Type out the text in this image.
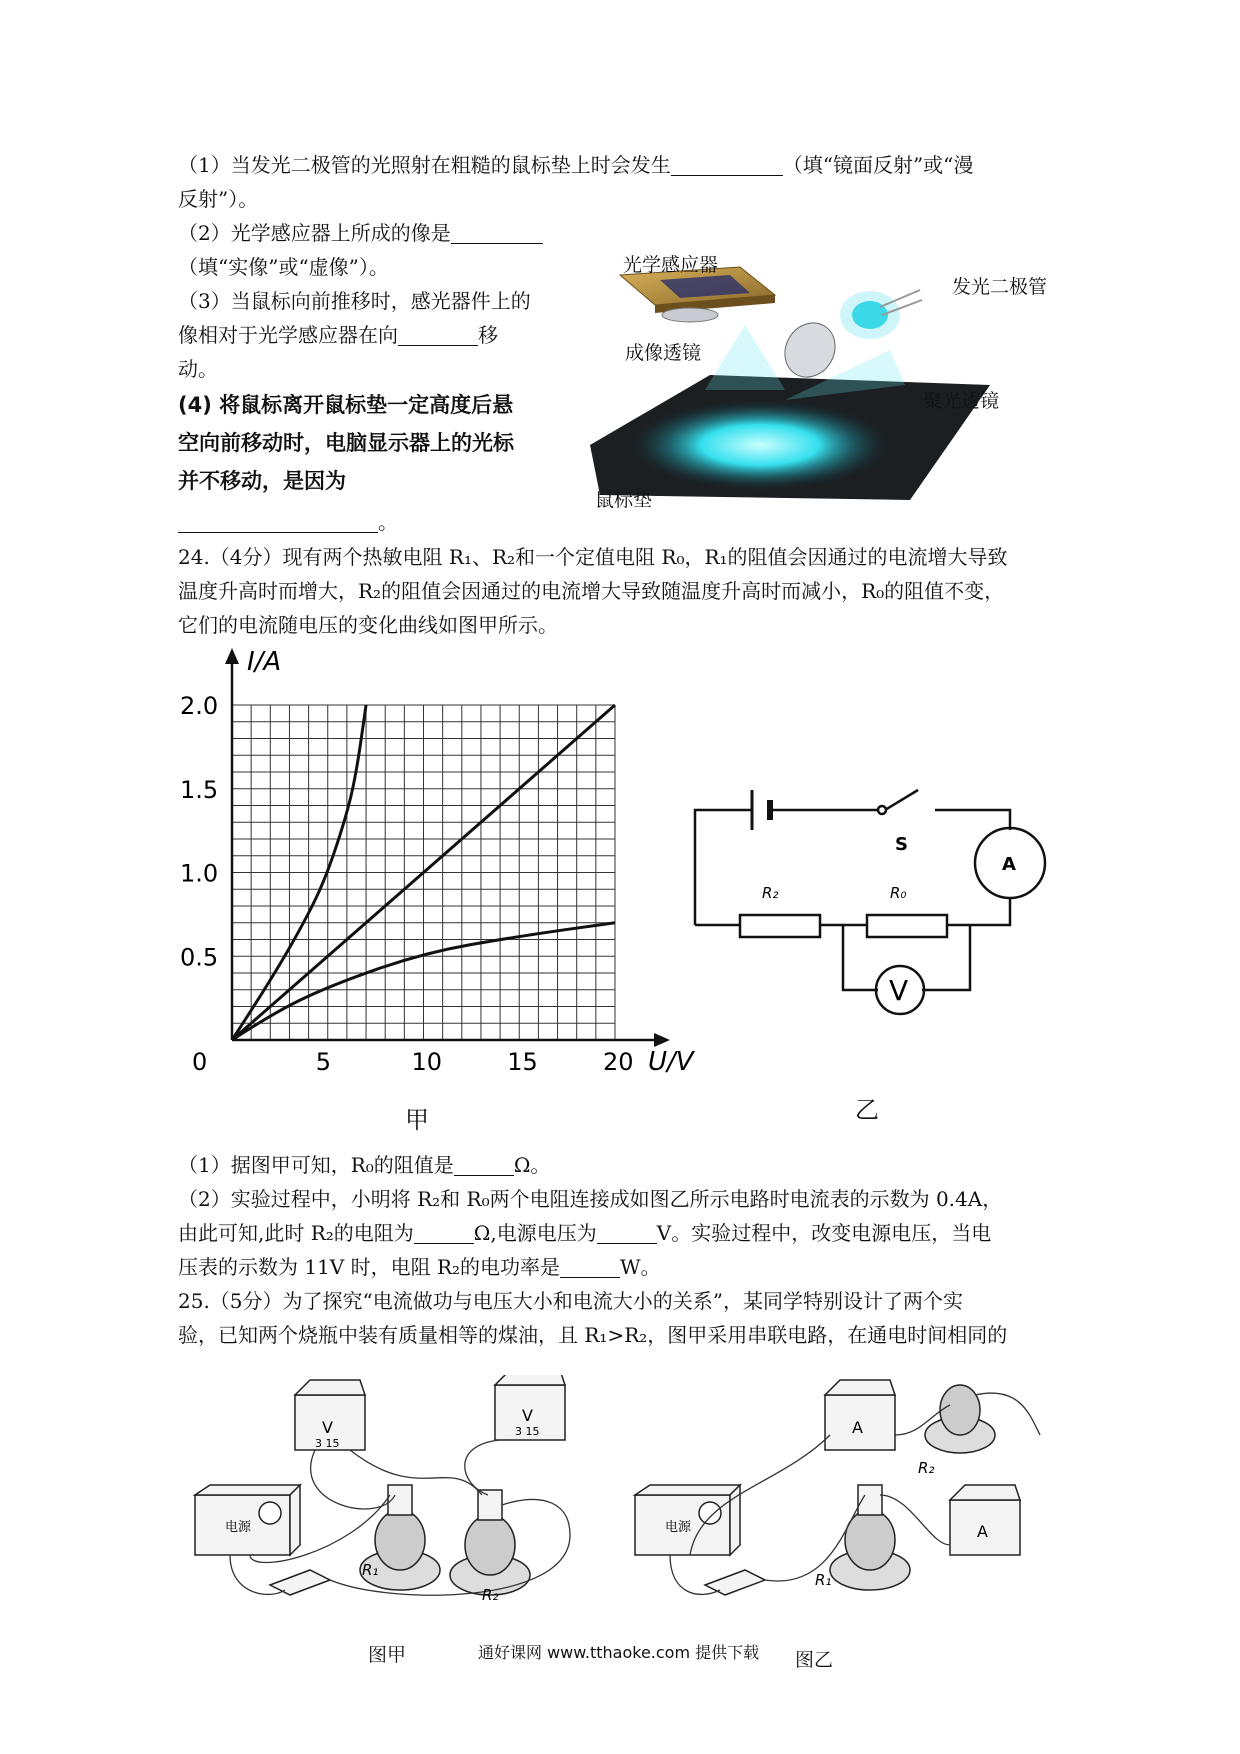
（1）当发光二极管的光照射在粗糙的鼠标垫上时会发生	（填“镜面反射”或“漫
反射”）。
（2）光学感应器上所成的像是
（填“实像”或“虚像”）。
（3）当鼠标向前推移时，感光器件上的
像相对于光学感应器在向	移
动。
(4) 将鼠标离开鼠标垫一定高度后悬
空向前移动时，电脑显示器上的光标
并不移动，是因为
。
光学感应器
发光二极管
成像透镜
聚光透镜
鼠标垫
24.（4分）现有两个热敏电阻 R₁、R₂和一个定值电阻 R₀，R₁的阻值会因通过的电流增大导致
温度升高时而增大，R₂的阻值会因通过的电流增大导致随温度升高时而减小，R₀的阻值不变，
它们的电流随电压的变化曲线如图甲所示。
0	5	10	15	20
0.5
1.0
1.5
2.0
I/A
U/V
甲
S
A
V
R₂	R₀
乙
（1）据图甲可知，R₀的阻值是	Ω。
（2）实验过程中，小明将 R₂和 R₀两个电阻连接成如图乙所示电路时电流表的示数为 0.4A，
由此可知,此时 R₂的电阻为	Ω,电源电压为	V。实验过程中，改变电源电压，当电
压表的示数为 11V 时，电阻 R₂的电功率是	W。
25.（5分）为了探究“电流做功与电压大小和电流大小的关系”，某同学特别设计了两个实
验，已知两个烧瓶中装有质量相等的煤油，且 R₁>R₂，图甲采用串联电路，在通电时间相同的
电源
V
V
3 15
3 15
R₁
R₂
电源
A
A
R₂
R₁
图甲	通好课网 www.tthaoke.com 提供下载 图乙
